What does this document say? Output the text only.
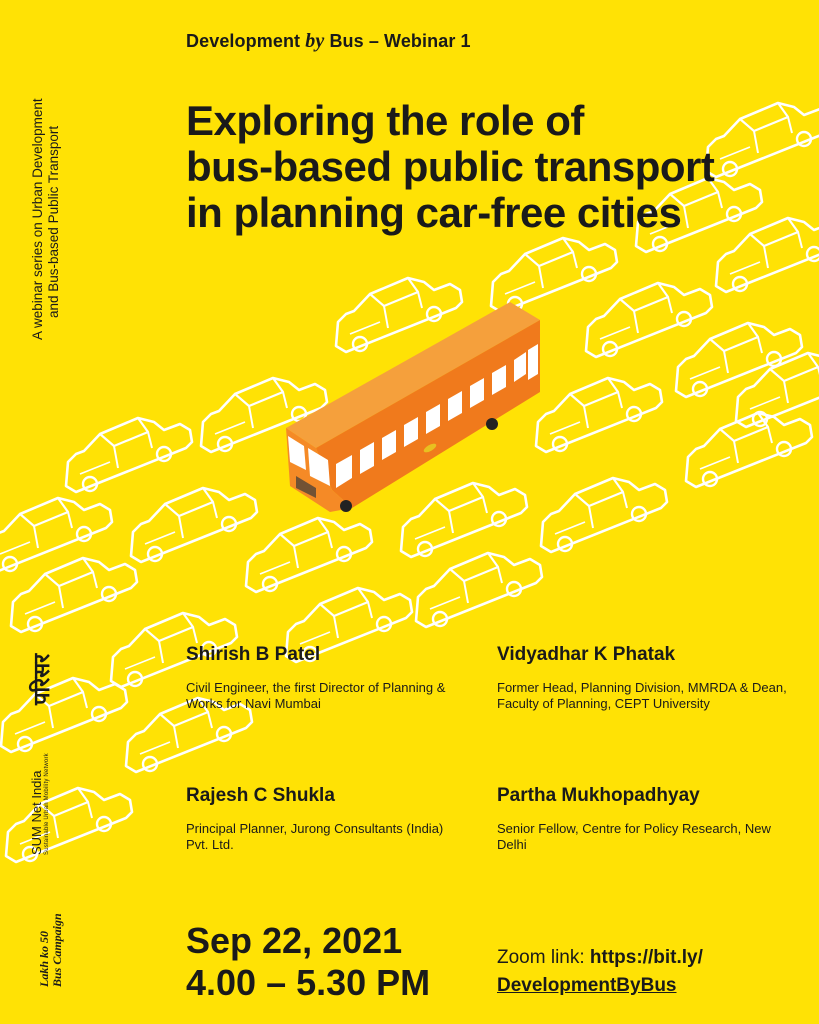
Development by Bus – Webinar 1
Exploring the role of
bus-based public transport
in planning car-free cities
A webinar series on Urban Development and Bus-based Public Transport
परिसर
SUM Net India Sustainable Urban Mobility Network
Lakh ko 50 Bus Campaign
Shirish B Patel
Civil Engineer, the first Director of Planning & Works for Navi Mumbai
Vidyadhar K Phatak
Former Head, Planning Division, MMRDA & Dean, Faculty of Planning, CEPT University
Rajesh C Shukla
Principal Planner, Jurong Consultants (India) Pvt. Ltd.
Partha Mukhopadhyay
Senior Fellow, Centre for Policy Research, New Delhi
Sep 22, 2021
4.00 – 5.30 PM
Zoom link: https://bit.ly/
DevelopmentByBus
